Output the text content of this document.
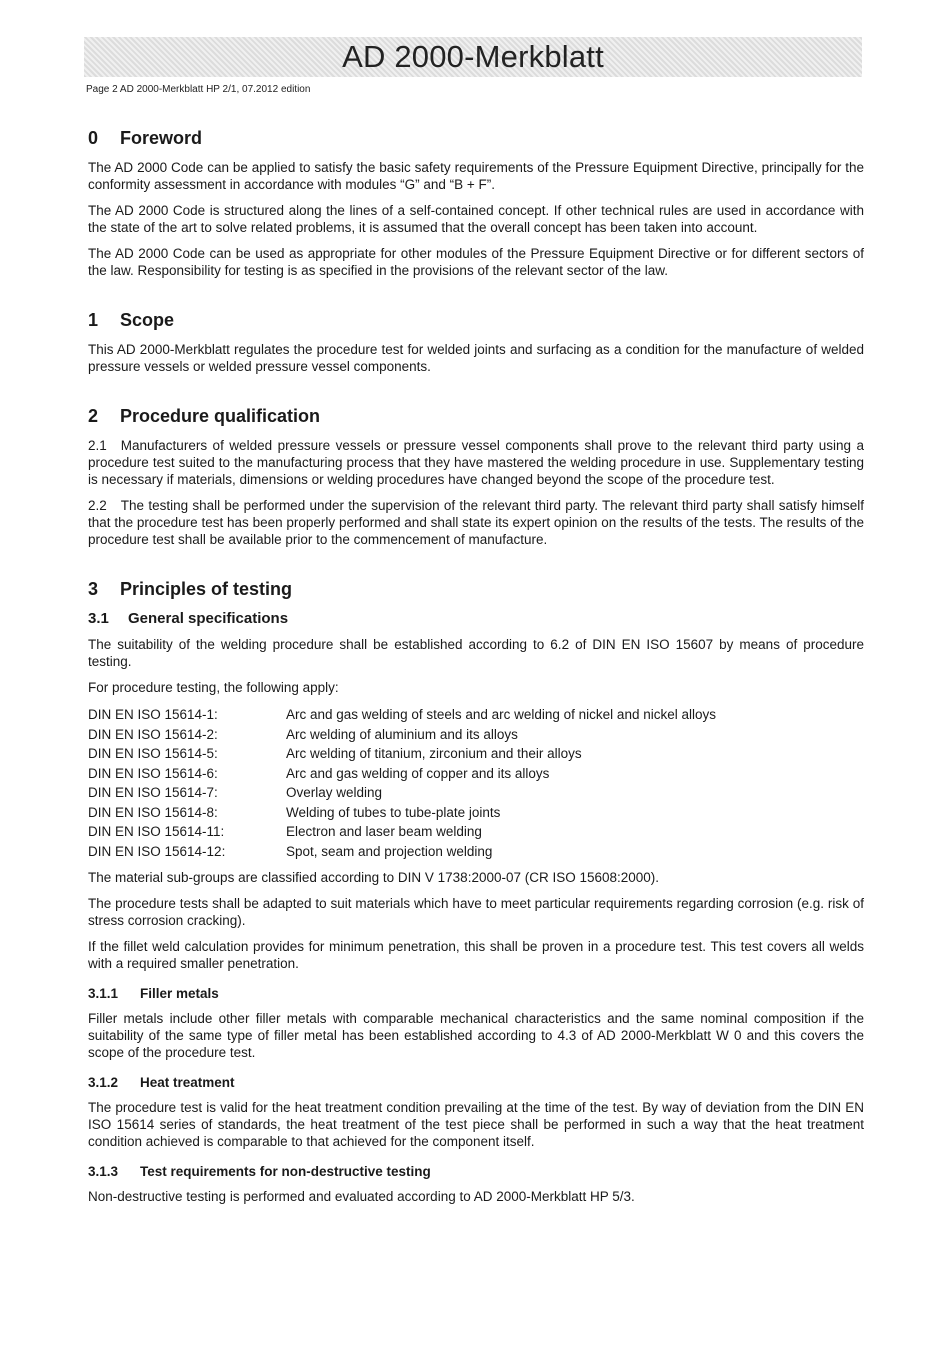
AD 2000-Merkblatt
Page 2 AD 2000-Merkblatt HP 2/1, 07.2012 edition
0	Foreword

The AD 2000 Code can be applied to satisfy the basic safety requirements of the Pressure Equipment Directive, principally for the conformity assessment in accordance with modules “G” and “B + F”.

The AD 2000 Code is structured along the lines of a self-contained concept. If other technical rules are used in accordance with the state of the art to solve related problems, it is assumed that the overall concept has been taken into account.

The AD 2000 Code can be used as appropriate for other modules of the Pressure Equipment Directive or for different sectors of the law. Responsibility for testing is as specified in the provisions of the relevant sector of the law.

1	Scope

This AD 2000-Merkblatt regulates the procedure test for welded joints and surfacing as a condition for the manufacture of welded pressure vessels or welded pressure vessel components.

2	Procedure qualification

2.1 Manufacturers of welded pressure vessels or pressure vessel components shall prove to the relevant third party using a procedure test suited to the manufacturing process that they have mastered the welding procedure in use. Supplementary testing is necessary if materials, dimensions or welding procedures have changed beyond the scope of the procedure test.

2.2 The testing shall be performed under the supervision of the relevant third party. The relevant third party shall satisfy himself that the procedure test has been properly performed and shall state its expert opinion on the results of the tests. The results of the procedure test shall be available prior to the commencement of manufacture.

3	Principles of testing
3.1	General specifications

The suitability of the welding procedure shall be established according to 6.2 of DIN EN ISO 15607 by means of procedure testing.

For procedure testing, the following apply:

DIN EN ISO 15614-1:	Arc and gas welding of steels and arc welding of nickel and nickel alloys
DIN EN ISO 15614-2:	Arc welding of aluminium and its alloys
DIN EN ISO 15614-5:	Arc welding of titanium, zirconium and their alloys
DIN EN ISO 15614-6:	Arc and gas welding of copper and its alloys
DIN EN ISO 15614-7:	Overlay welding
DIN EN ISO 15614-8:	Welding of tubes to tube-plate joints
DIN EN ISO 15614-11:	Electron and laser beam welding
DIN EN ISO 15614-12:	Spot, seam and projection welding

The material sub-groups are classified according to DIN V 1738:2000-07 (CR ISO 15608:2000).

The procedure tests shall be adapted to suit materials which have to meet particular requirements regarding corrosion (e.g. risk of stress corrosion cracking).

If the fillet weld calculation provides for minimum penetration, this shall be proven in a procedure test. This test covers all welds with a required smaller penetration.

3.1.1	Filler metals

Filler metals include other filler metals with comparable mechanical characteristics and the same nominal composition if the suitability of the same type of filler metal has been established according to 4.3 of AD 2000-Merkblatt W 0 and this covers the scope of the procedure test.

3.1.2	Heat treatment

The procedure test is valid for the heat treatment condition prevailing at the time of the test. By way of deviation from the DIN EN ISO 15614 series of standards, the heat treatment of the test piece shall be performed in such a way that the heat treatment condition achieved is comparable to that achieved for the component itself.

3.1.3	Test requirements for non-destructive testing

Non-destructive testing is performed and evaluated according to AD 2000-Merkblatt HP 5/3.
